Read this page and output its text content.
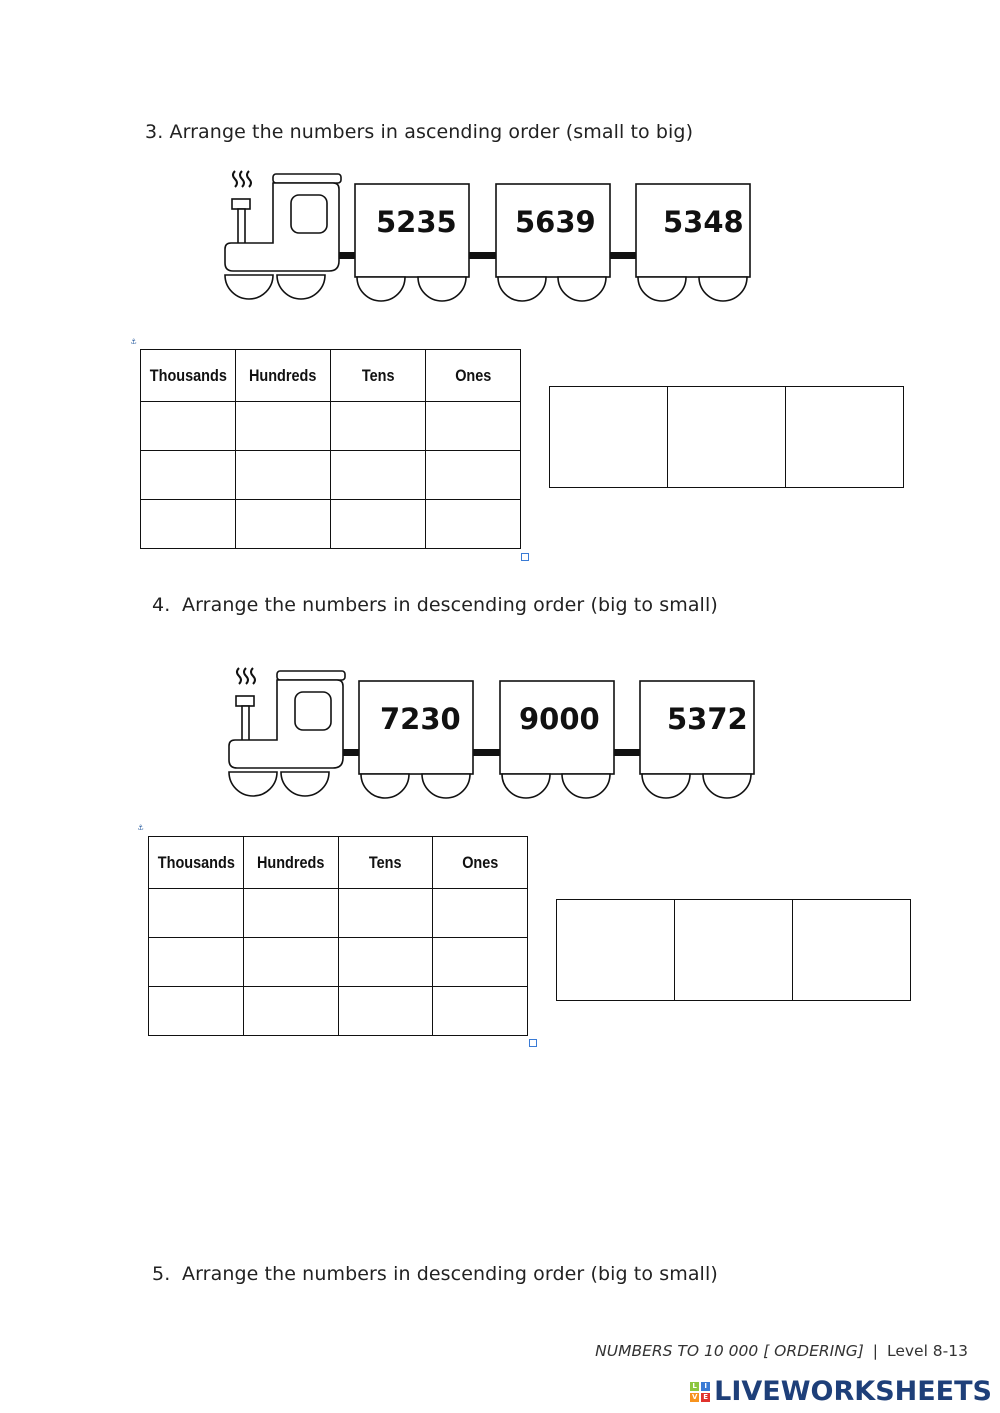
3. Arrange the numbers in ascending order (small to big)
5235 5639 5348
⚓
Thousands	Hundreds	Tens	Ones

4. Arrange the numbers in descending order (big to small)
7230 9000 5372
⚓
Thousands	Hundreds	Tens	Ones

5. Arrange the numbers in descending order (big to small)
NUMBERS TO 10 000 [ ORDERING] | Level 8-13
L	I
V E LIVEWORKSHEETS
